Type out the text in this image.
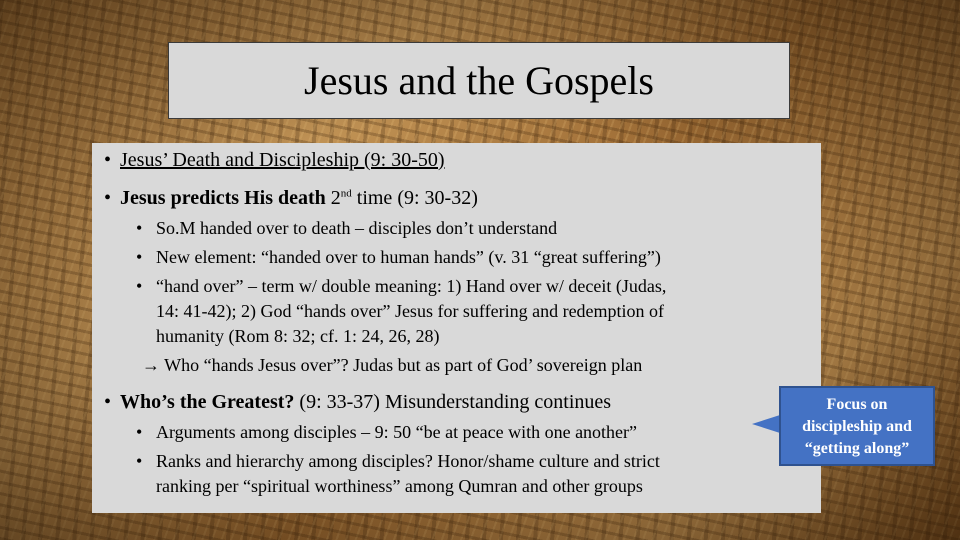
Jesus and the Gospels
• Jesus’ Death and Discipleship (9: 30-50)
• Jesus predicts His death 2nd time (9: 30-32)
• So.M handed over to death – disciples don’t understand
• New element: “handed over to human hands” (v. 31 “great suffering”)
• “hand over” – term w/ double meaning: 1) Hand over w/ deceit (Judas,
14: 41-42); 2) God “hands over” Jesus for suffering and redemption of
humanity (Rom 8: 32; cf. 1: 24, 26, 28)
→ Who “hands Jesus over”? Judas but as part of God’ sovereign plan
• Who’s the Greatest? (9: 33-37) Misunderstanding continues
• Arguments among disciples – 9: 50 “be at peace with one another”
• Ranks and hierarchy among disciples? Honor/shame culture and strict
ranking per “spiritual worthiness” among Qumran and other groups
Focus on
discipleship and
“getting along”
